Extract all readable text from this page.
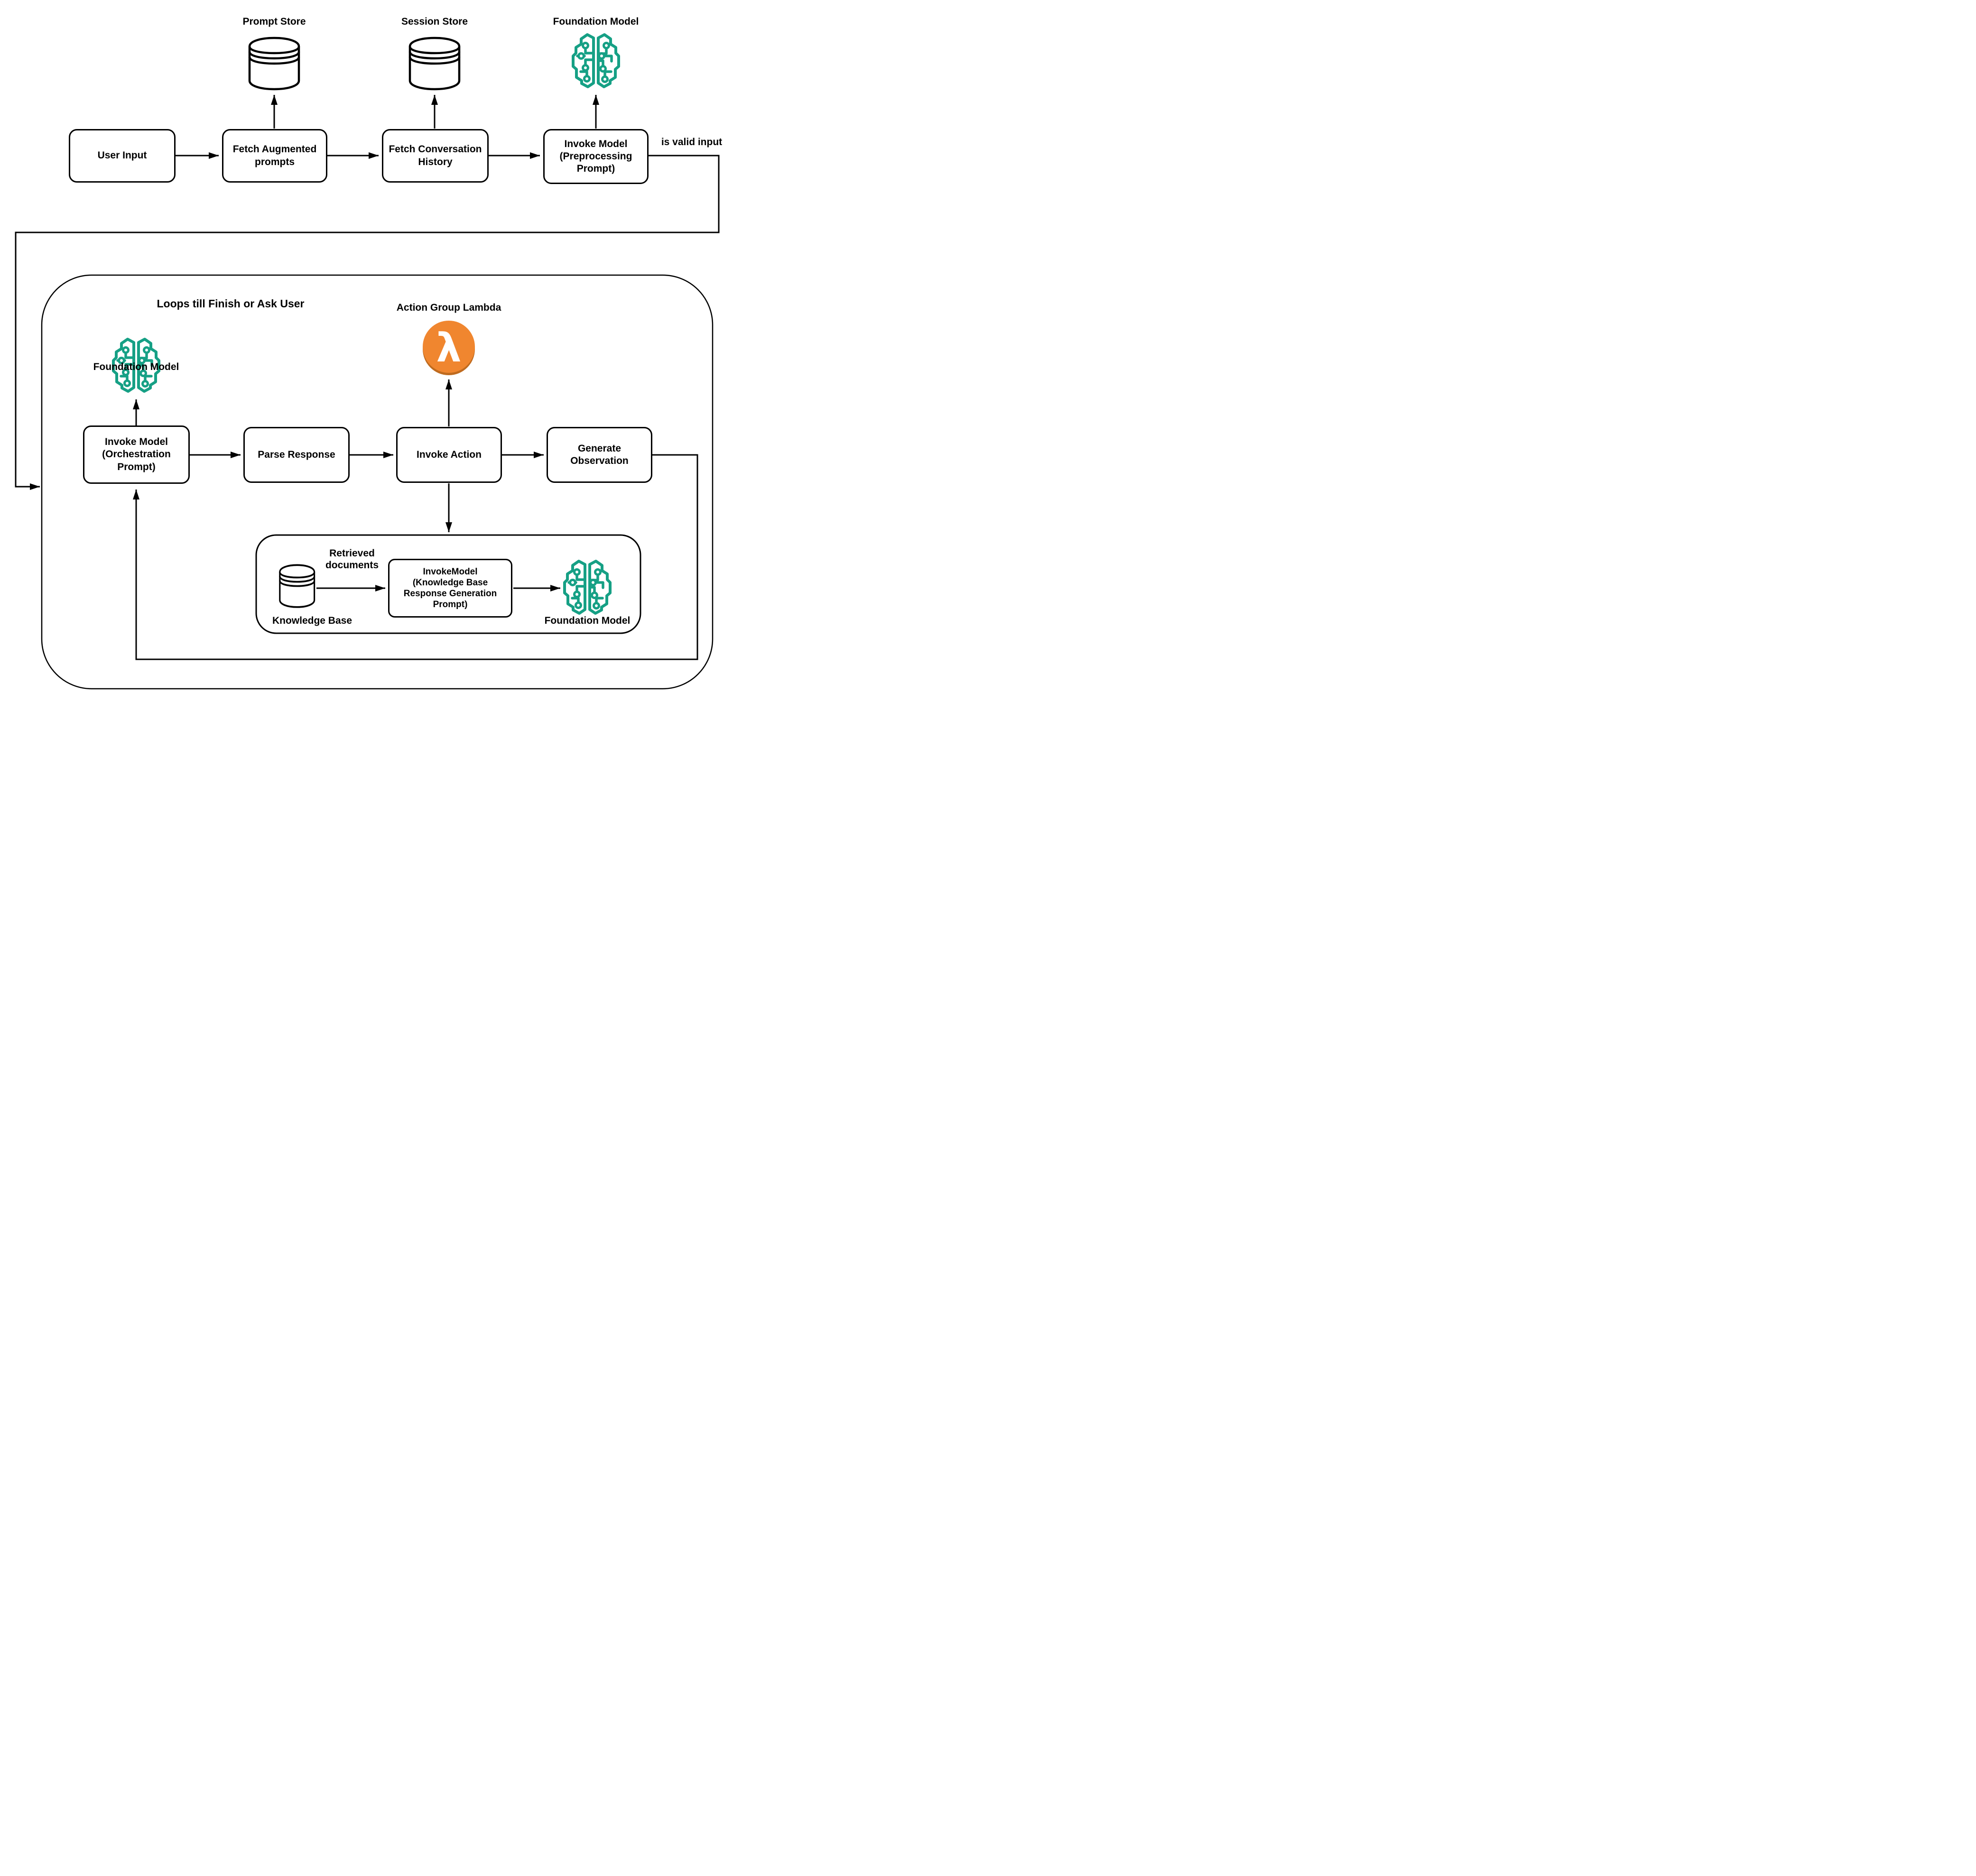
λ
User Input
Fetch Augmented
prompts
Fetch Conversation
History
Invoke Model
(Preprocessing
Prompt)
Invoke Model
(Orchestration
Prompt)
Parse Response	Invoke Action
Generate
Observation
InvokeModel
(Knowledge Base
Response Generation
Prompt)
Prompt Store	Session Store	Foundation Model
is valid input
Loops till Finish or Ask User
Foundation Model
Action Group Lambda
Retrieved
documents
Knowledge Base	Foundation Model
